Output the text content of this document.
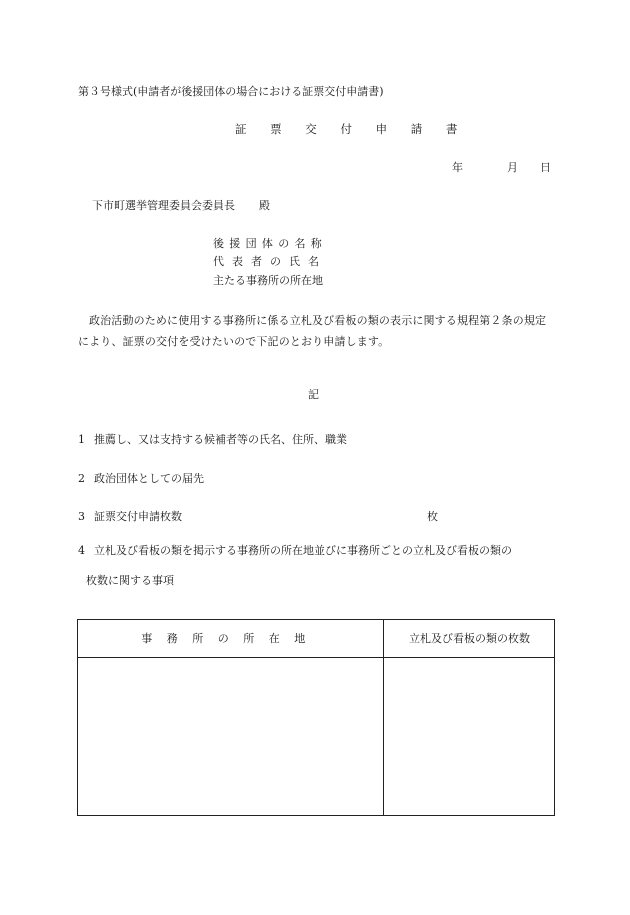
第３号様式(申請者が後援団体の場合における証票交付申請書)
証 票 交 付 申 請 書
年	月 日
下市町選挙管理委員会委員長 殿
後援団体の名称
代表者の氏名
主たる事務所の所在地
政治活動のために使用する事務所に係る立札及び看板の類の表示に関する規程第２条の規定により、証票の交付を受けたいので下記のとおり申請します。
記
1 推薦し、又は支持する候補者等の氏名、住所、職業
2 政治団体としての届先
3 証票交付申請枚数	枚
4 立札及び看板の類を掲示する事務所の所在地並びに事務所ごとの立札及び看板の類の
枚数に関する事項
事務所の所在地	立札及び看板の類の枚数
